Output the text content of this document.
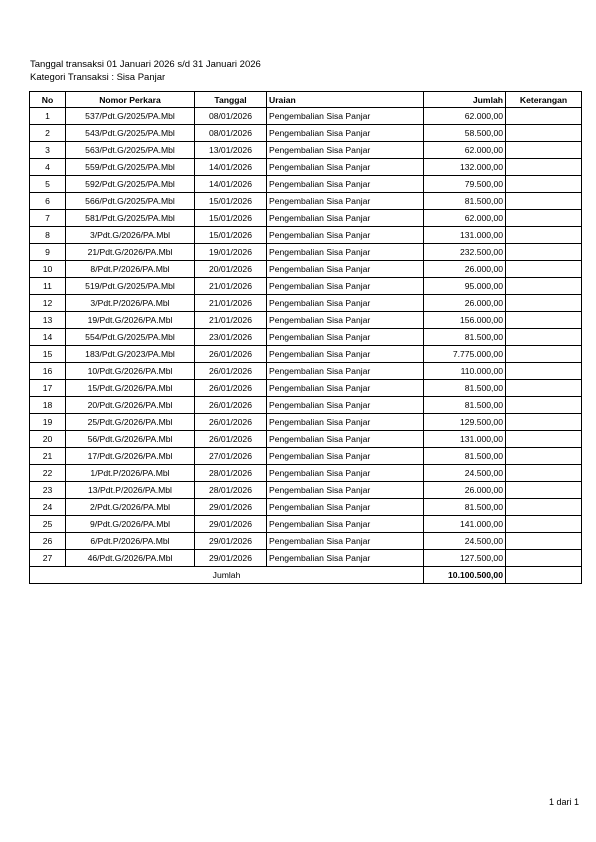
Tanggal transaksi 01 Januari 2026 s/d 31 Januari 2026
Kategori Transaksi : Sisa Panjar
No	Nomor Perkara	Tanggal	Uraian	Jumlah	Keterangan
1	537/Pdt.G/2025/PA.Mbl	08/01/2026	Pengembalian Sisa Panjar	62.000,00	
2	543/Pdt.G/2025/PA.Mbl	08/01/2026	Pengembalian Sisa Panjar	58.500,00	
3	563/Pdt.G/2025/PA.Mbl	13/01/2026	Pengembalian Sisa Panjar	62.000,00	
4	559/Pdt.G/2025/PA.Mbl	14/01/2026	Pengembalian Sisa Panjar	132.000,00	
5	592/Pdt.G/2025/PA.Mbl	14/01/2026	Pengembalian Sisa Panjar	79.500,00	
6	566/Pdt.G/2025/PA.Mbl	15/01/2026	Pengembalian Sisa Panjar	81.500,00	
7	581/Pdt.G/2025/PA.Mbl	15/01/2026	Pengembalian Sisa Panjar	62.000,00	
8	3/Pdt.G/2026/PA.Mbl	15/01/2026	Pengembalian Sisa Panjar	131.000,00	
9	21/Pdt.G/2026/PA.Mbl	19/01/2026	Pengembalian Sisa Panjar	232.500,00	
10	8/Pdt.P/2026/PA.Mbl	20/01/2026	Pengembalian Sisa Panjar	26.000,00	
11	519/Pdt.G/2025/PA.Mbl	21/01/2026	Pengembalian Sisa Panjar	95.000,00	
12	3/Pdt.P/2026/PA.Mbl	21/01/2026	Pengembalian Sisa Panjar	26.000,00	
13	19/Pdt.G/2026/PA.Mbl	21/01/2026	Pengembalian Sisa Panjar	156.000,00	
14	554/Pdt.G/2025/PA.Mbl	23/01/2026	Pengembalian Sisa Panjar	81.500,00	
15	183/Pdt.G/2023/PA.Mbl	26/01/2026	Pengembalian Sisa Panjar	7.775.000,00	
16	10/Pdt.G/2026/PA.Mbl	26/01/2026	Pengembalian Sisa Panjar	110.000,00	
17	15/Pdt.G/2026/PA.Mbl	26/01/2026	Pengembalian Sisa Panjar	81.500,00	
18	20/Pdt.G/2026/PA.Mbl	26/01/2026	Pengembalian Sisa Panjar	81.500,00	
19	25/Pdt.G/2026/PA.Mbl	26/01/2026	Pengembalian Sisa Panjar	129.500,00	
20	56/Pdt.G/2026/PA.Mbl	26/01/2026	Pengembalian Sisa Panjar	131.000,00	
21	17/Pdt.G/2026/PA.Mbl	27/01/2026	Pengembalian Sisa Panjar	81.500,00	
22	1/Pdt.P/2026/PA.Mbl	28/01/2026	Pengembalian Sisa Panjar	24.500,00	
23	13/Pdt.P/2026/PA.Mbl	28/01/2026	Pengembalian Sisa Panjar	26.000,00	
24	2/Pdt.G/2026/PA.Mbl	29/01/2026	Pengembalian Sisa Panjar	81.500,00	
25	9/Pdt.G/2026/PA.Mbl	29/01/2026	Pengembalian Sisa Panjar	141.000,00	
26	6/Pdt.P/2026/PA.Mbl	29/01/2026	Pengembalian Sisa Panjar	24.500,00	
27	46/Pdt.G/2026/PA.Mbl	29/01/2026	Pengembalian Sisa Panjar	127.500,00	
Jumlah				10.100.500,00	
1 dari 1
